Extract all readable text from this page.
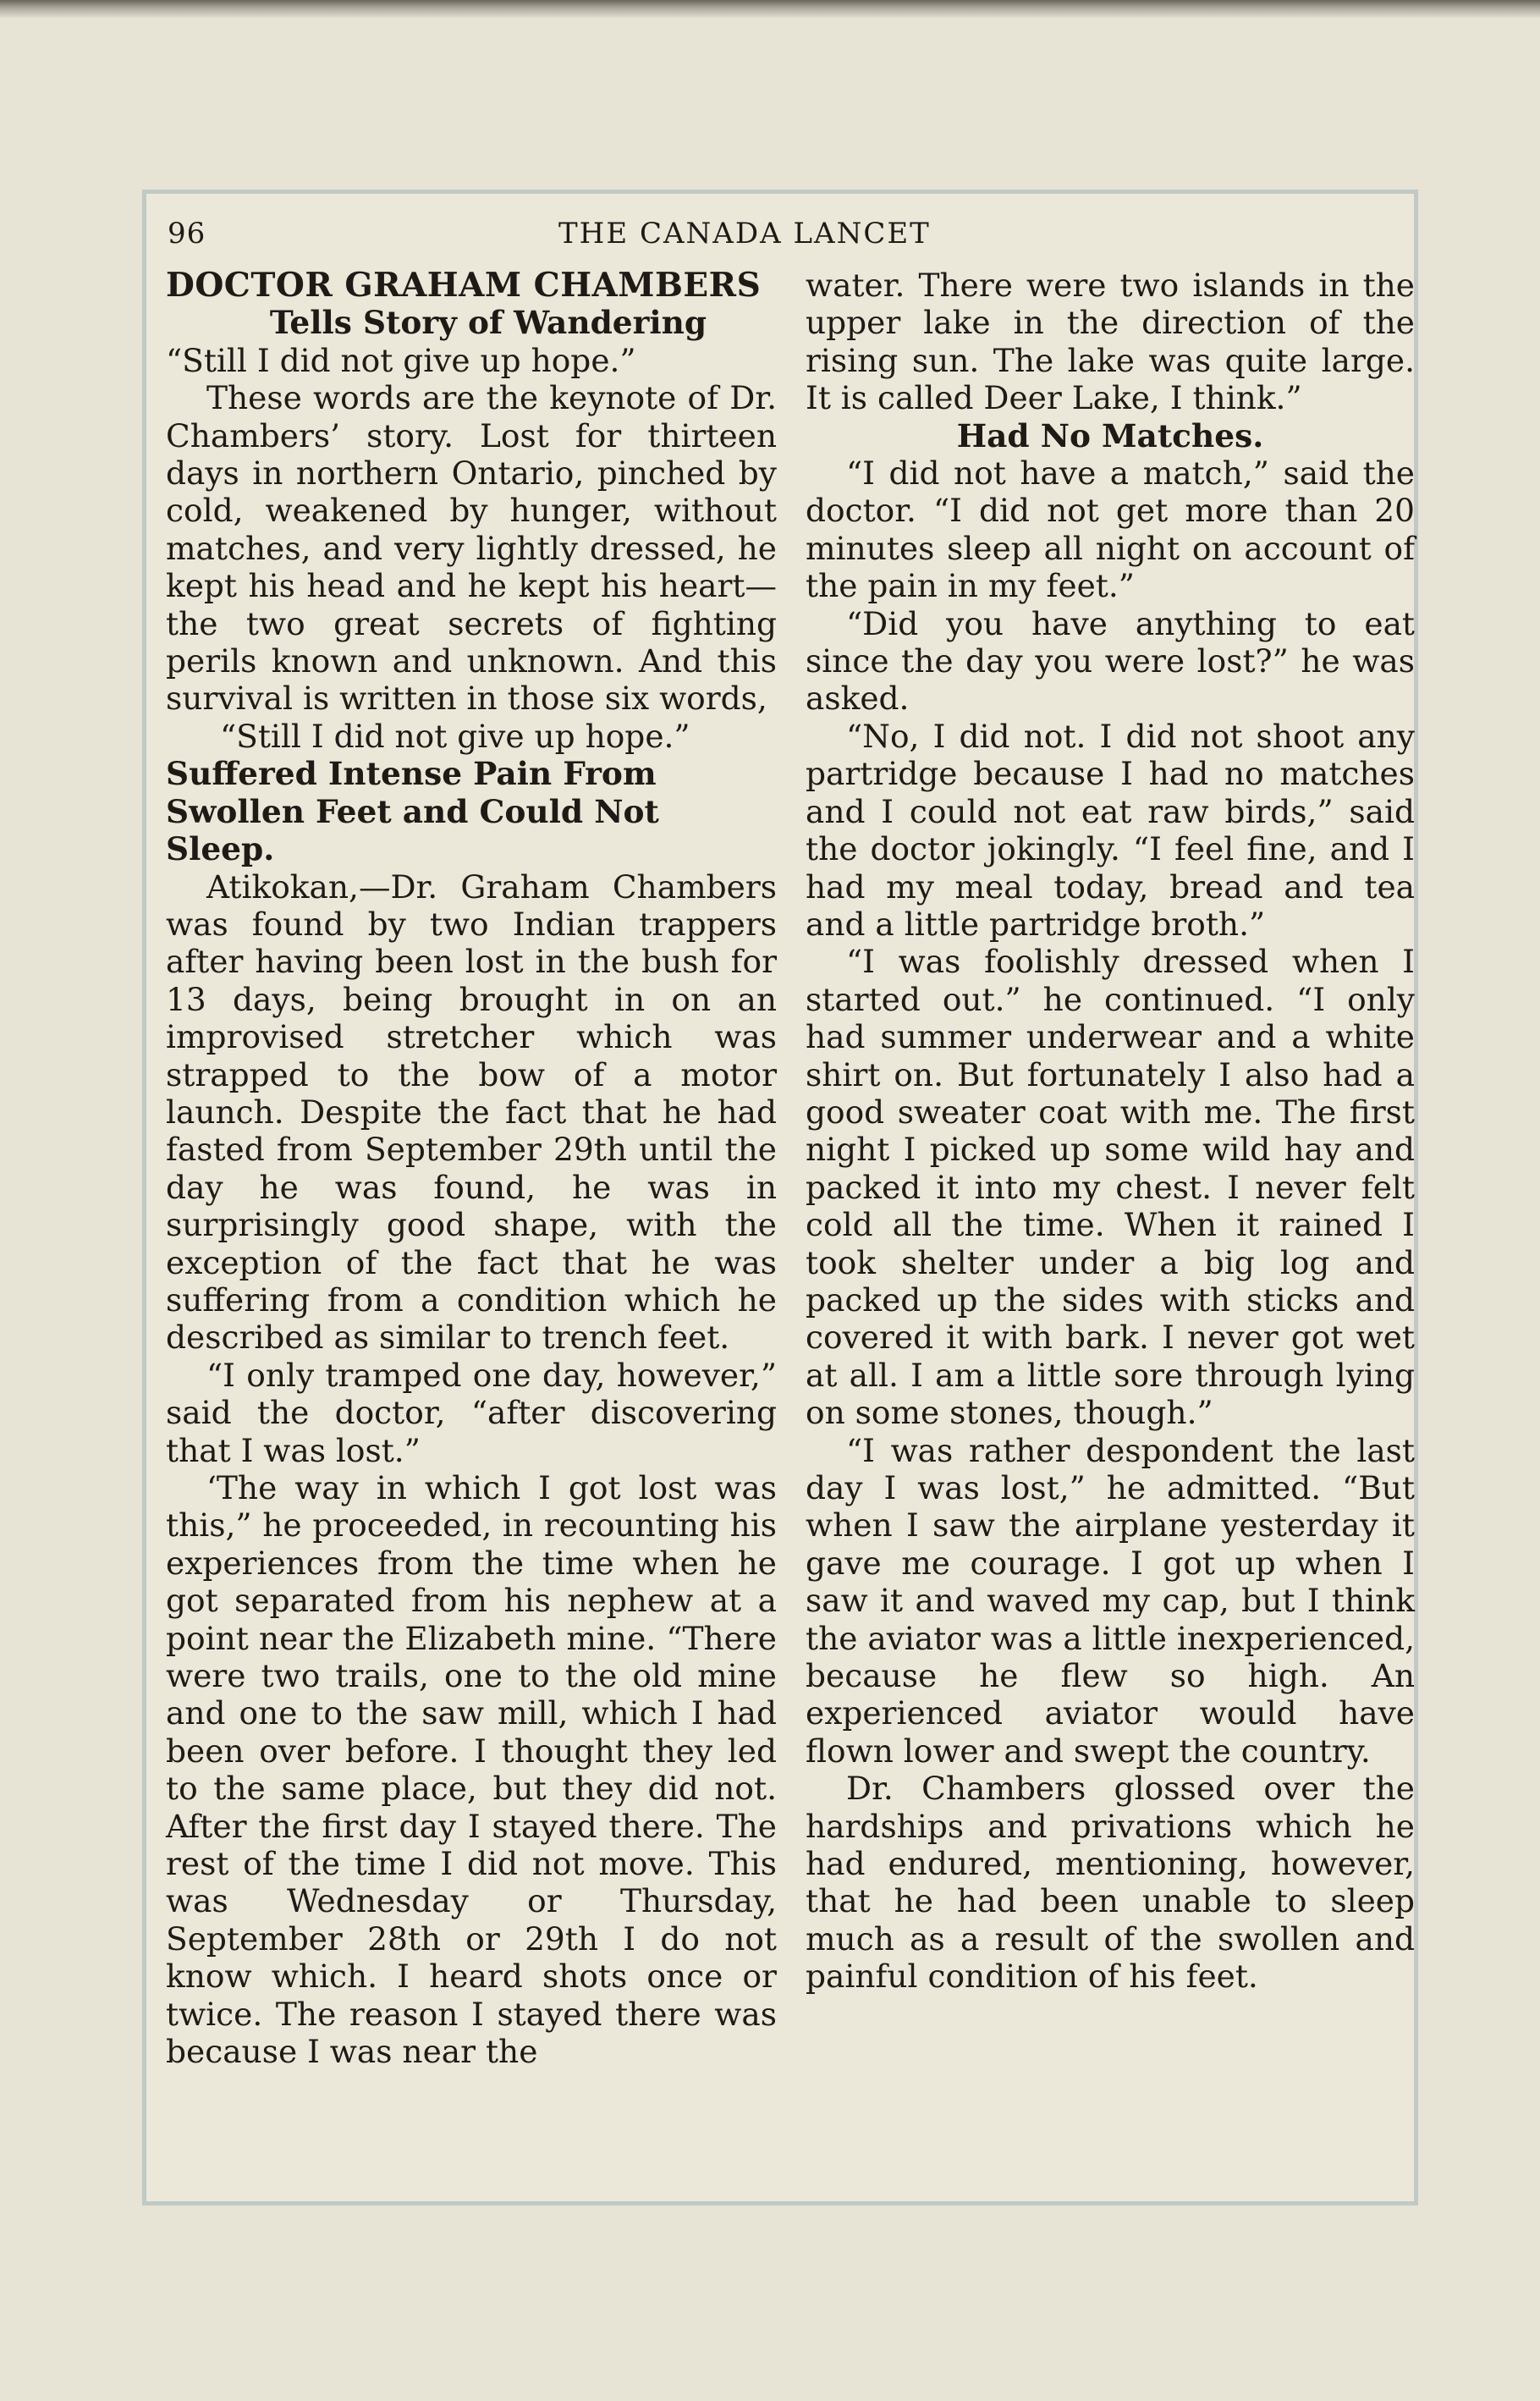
96	THE CANADA LANCET

DOCTOR GRAHAM CHAMBERS

Tells Story of Wandering

“Still I did not give up hope.”

These words are the keynote of Dr. Chambers’ story. Lost for thirteen days in northern Ontario, pinched by cold, weakened by hunger, without matches, and very lightly dressed, he kept his head and he kept his heart—the two great secrets of fighting perils known and unknown. And this survival is written in those six words,

“Still I did not give up hope.”

Suffered Intense Pain From Swollen Feet and Could Not Sleep.

Atikokan,—Dr. Graham Chambers was found by two Indian trappers after having been lost in the bush for 13 days, being brought in on an improvised stretcher which was strapped to the bow of a motor launch. Despite the fact that he had fasted from September 29th until the day he was found, he was in surprisingly good shape, with the exception of the fact that he was suffering from a condition which he described as similar to trench feet.

“I only tramped one day, however,” said the doctor, “after discovering that I was lost.”

‘The way in which I got lost was this,” he proceeded, in recounting his experiences from the time when he got separated from his nephew at a point near the Elizabeth mine. “There were two trails, one to the old mine and one to the saw mill, which I had been over before. I thought they led to the same place, but they did not. After the first day I stayed there. The rest of the time I did not move. This was Wednesday or Thursday, September 28th or 29th I do not know which. I heard shots once or twice. The reason I stayed there was because I was near the

water. There were two islands in the upper lake in the direction of the rising sun. The lake was quite large. It is called Deer Lake, I think.”

Had No Matches.

“I did not have a match,” said the doctor. “I did not get more than 20 minutes sleep all night on account of the pain in my feet.”

“Did you have anything to eat since the day you were lost?” he was asked.

“No, I did not. I did not shoot any partridge because I had no matches and I could not eat raw birds,” said the doctor jokingly. “I feel fine, and I had my meal today, bread and tea and a little partridge broth.”

“I was foolishly dressed when I started out.” he continued. “I only had summer underwear and a white shirt on. But fortunately I also had a good sweater coat with me. The first night I picked up some wild hay and packed it into my chest. I never felt cold all the time. When it rained I took shelter under a big log and packed up the sides with sticks and covered it with bark. I never got wet at all. I am a little sore through lying on some stones, though.”

“I was rather despondent the last day I was lost,” he admitted. “But when I saw the airplane yesterday it gave me courage. I got up when I saw it and waved my cap, but I think the aviator was a little inexperienced, because he flew so high. An experienced aviator would have flown lower and swept the country.

Dr. Chambers glossed over the hardships and privations which he had endured, mentioning, however, that he had been unable to sleep much as a result of the swollen and painful condition of his feet.
